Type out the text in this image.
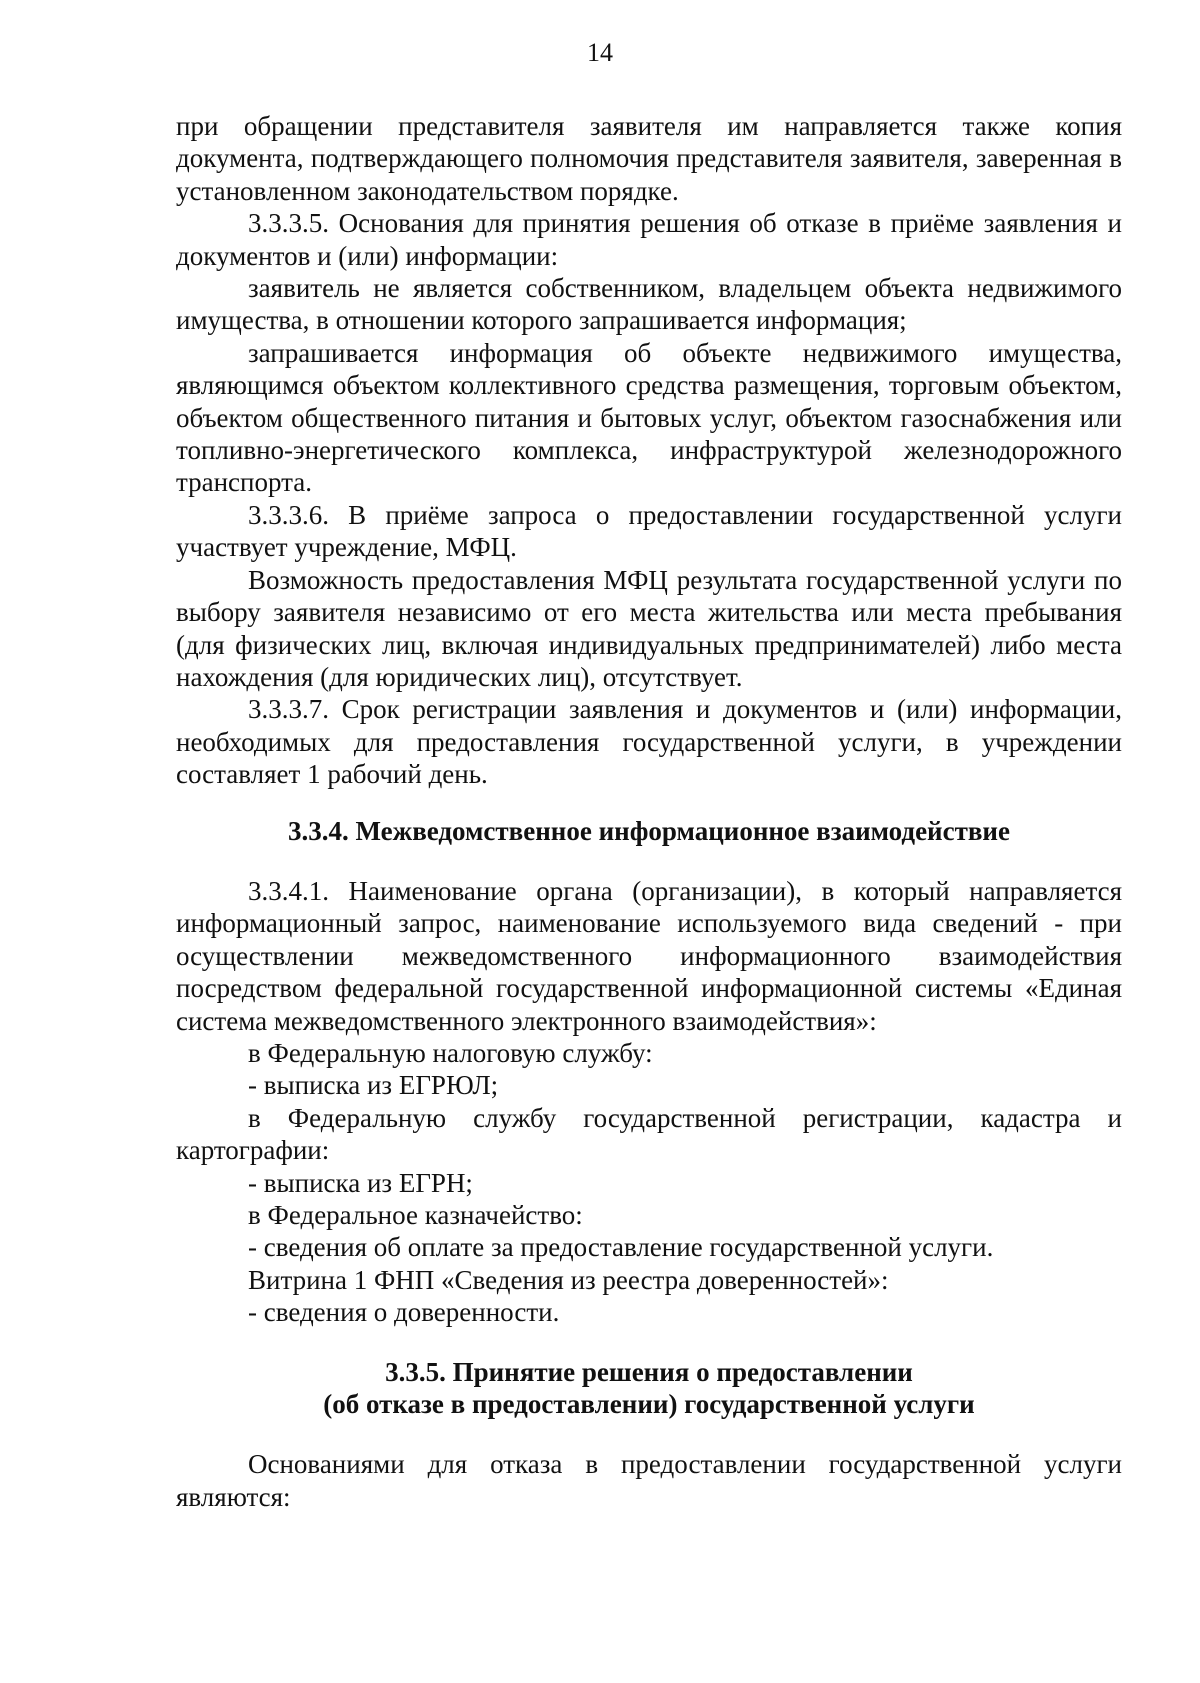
14

при обращении представителя заявителя им направляется также копия документа, подтверждающего полномочия представителя заявителя, заверенная в установленном законодательством порядке.

3.3.3.5. Основания для принятия решения об отказе в приёме заявления и документов и (или) информации:

заявитель не является собственником, владельцем объекта недвижимого имущества, в отношении которого запрашивается информация;

запрашивается информация об объекте недвижимого имущества, являющимся объектом коллективного средства размещения, торговым объектом, объектом общественного питания и бытовых услуг, объектом газоснабжения или топливно-энергетического комплекса, инфраструктурой железнодорожного транспорта.

3.3.3.6. В приёме запроса о предоставлении государственной услуги участвует учреждение, МФЦ.

Возможность предоставления МФЦ результата государственной услуги по выбору заявителя независимо от его места жительства или места пребывания (для физических лиц, включая индивидуальных предпринимателей) либо места нахождения (для юридических лиц), отсутствует.

3.3.3.7. Срок регистрации заявления и документов и (или) информации, необходимых для предоставления государственной услуги, в учреждении составляет 1 рабочий день.

3.3.4. Межведомственное информационное взаимодействие

3.3.4.1. Наименование органа (организации), в который направляется информационный запрос, наименование используемого вида сведений - при осуществлении межведомственного информационного взаимодействия посредством федеральной государственной информационной системы «Единая система межведомственного электронного взаимодействия»:

в Федеральную налоговую службу:

- выписка из ЕГРЮЛ;

в Федеральную службу государственной регистрации, кадастра и картографии:

- выписка из ЕГРН;

в Федеральное казначейство:

- сведения об оплате за предоставление государственной услуги.

Витрина 1 ФНП «Сведения из реестра доверенностей»:

- сведения о доверенности.

3.3.5. Принятие решения о предоставлении
(об отказе в предоставлении) государственной услуги

Основаниями для отказа в предоставлении государственной услуги являются:
